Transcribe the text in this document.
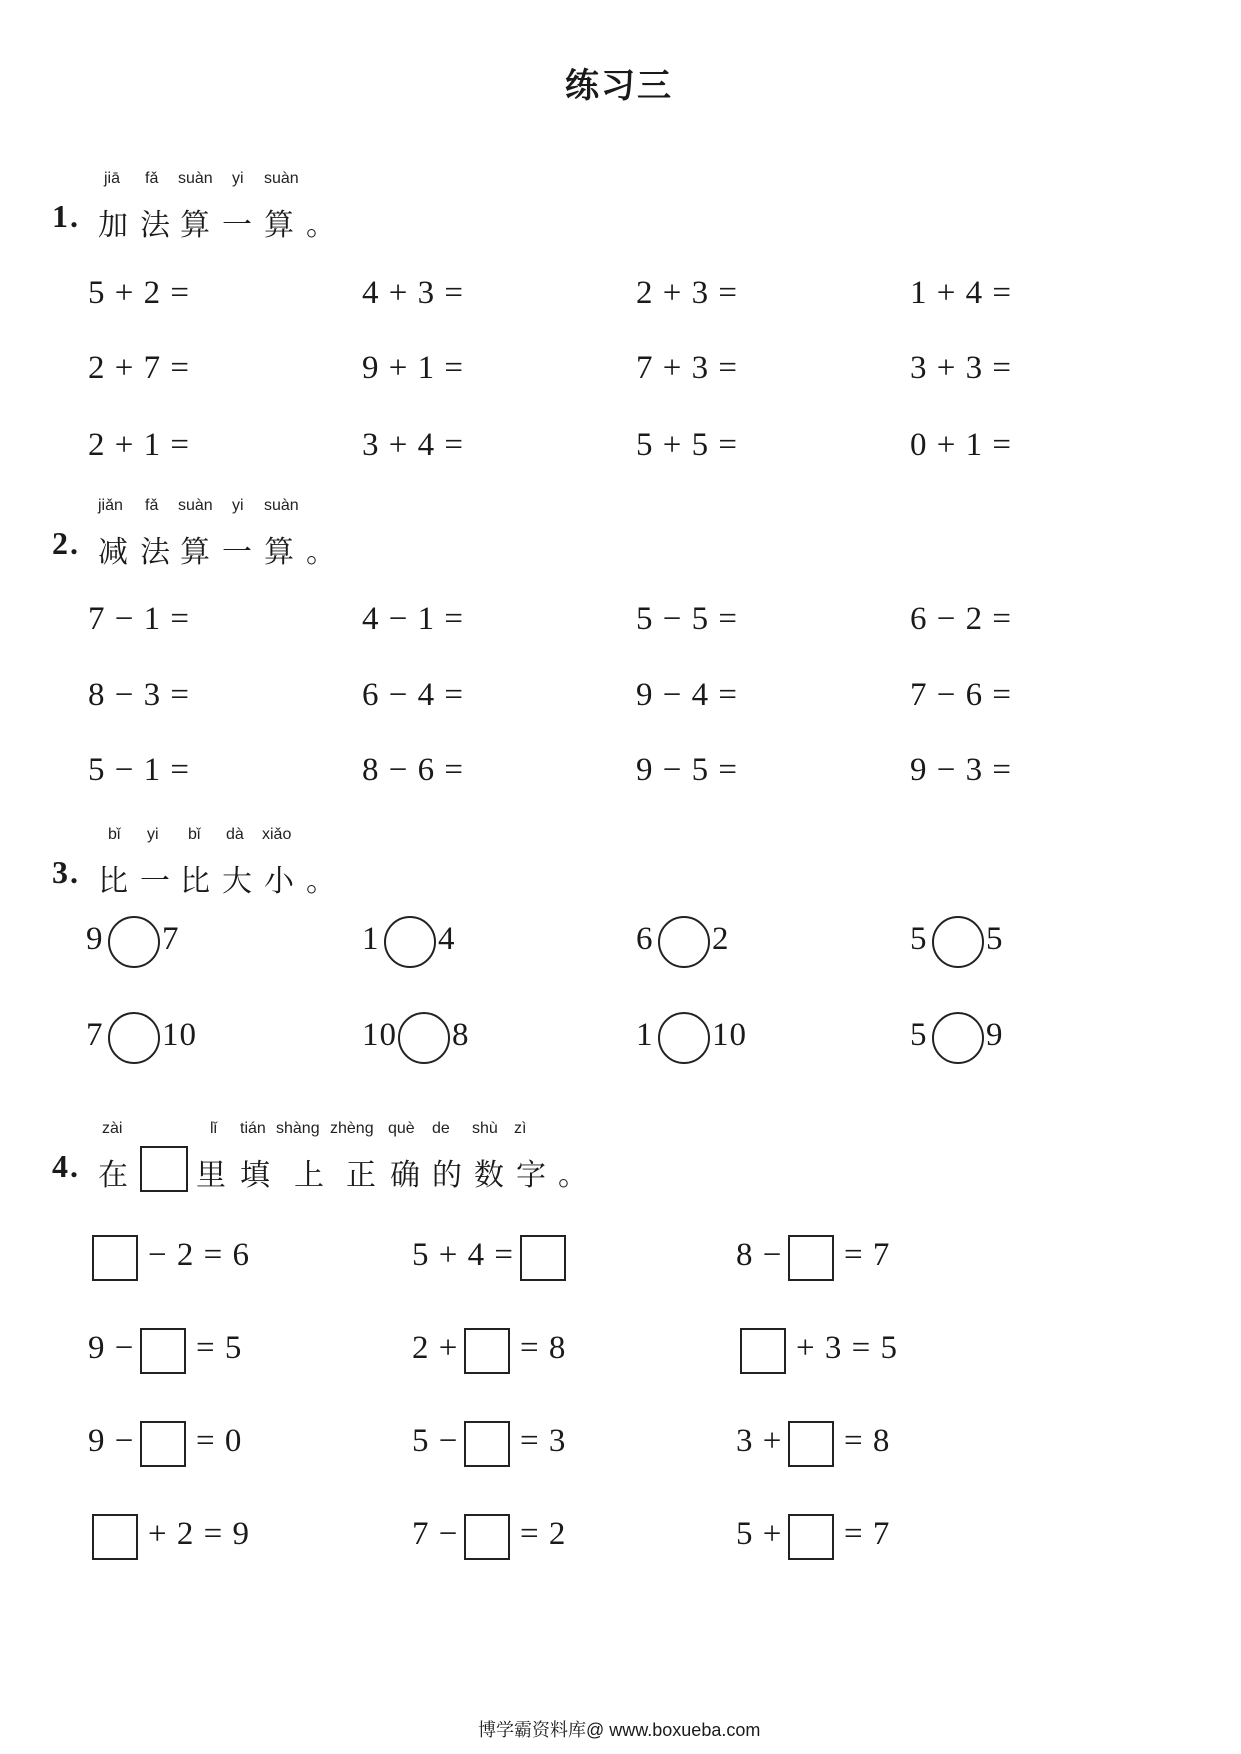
练习三
1 . 加
jiā
法
fǎ
算
suàn
一
yi
算
suàn
。
2 . 减
jiǎn
法
fǎ
算
suàn
一
yi
算
suàn
。
3 . 比
bǐ
一
yi
比
bǐ
大
dà
小
xiǎo
。
4 . 在
zài
里
lǐ
填
tián
上
shàng
正
zhèng
确
què
的
de
数
shù
字
zì
。
5 + 2 =	4 + 3 =	2 + 3 =	1 + 4 =
2 + 7 =	9 + 1 =	7 + 3 =	3 + 3 =
2 + 1 =	3 + 4 =	5 + 5 =	0 + 1 =
7 − 1 =	4 − 1 =	5 − 5 =	6 − 2 =
8 − 3 =	6 − 4 =	9 − 4 =	7 − 6 =
5 − 1 =	8 − 6 =	9 − 5 =	9 − 3 =
9 7	1 4	6 2	5 5
7 10	10 8	1 10	5 9
− 2 = 6	5 + 4 =	8 − = 7
9 − = 5	2 + = 8	+ 3 = 5
9 − = 0	5 − = 3	3 + = 8
+ 2 = 9	7 − = 2	5 + = 7
博学霸资料库@ www.boxueba.com
